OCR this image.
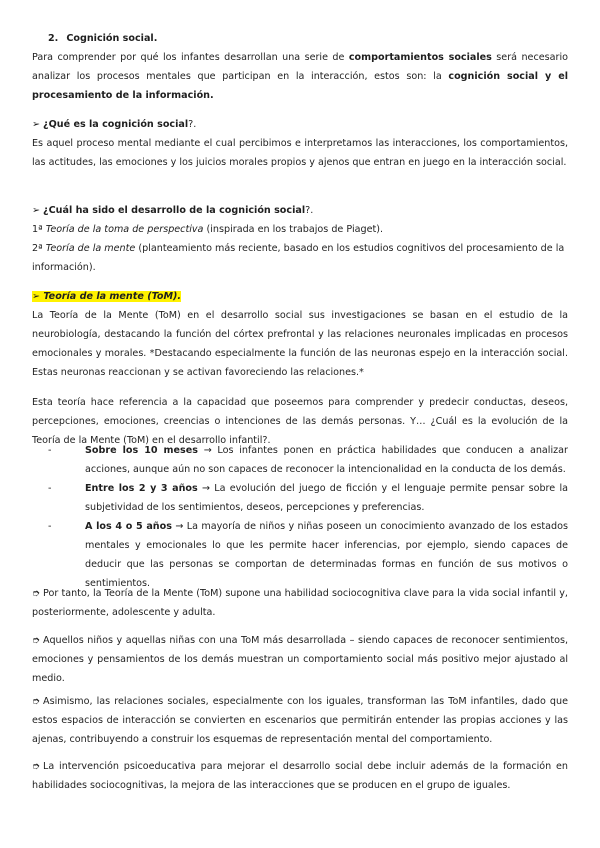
2. Cognición social.
Para comprender por qué los infantes desarrollan una serie de comportamientos sociales será necesario analizar los procesos mentales que participan en la interacción, estos son: la cognición social y el procesamiento de la información.
➢ ¿Qué es la cognición social?.
Es aquel proceso mental mediante el cual percibimos e interpretamos las interacciones, los comportamientos, las actitudes, las emociones y los juicios morales propios y ajenos que entran en juego en la interacción social.
➢ ¿Cuál ha sido el desarrollo de la cognición social?.
1ª Teoría de la toma de perspectiva (inspirada en los trabajos de Piaget).
2ª Teoría de la mente (planteamiento más reciente, basado en los estudios cognitivos del procesamiento de la información).
➢ Teoría de la mente (ToM).
La Teoría de la Mente (ToM) en el desarrollo social sus investigaciones se basan en el estudio de la neurobiología, destacando la función del córtex prefrontal y las relaciones neuronales implicadas en procesos emocionales y morales. *Destacando especialmente la función de las neuronas espejo en la interacción social. Estas neuronas reaccionan y se activan favoreciendo las relaciones.*
Esta teoría hace referencia a la capacidad que poseemos para comprender y predecir conductas, deseos, percepciones, emociones, creencias o intenciones de las demás personas. Y… ¿Cuál es la evolución de la Teoría de la Mente (ToM) en el desarrollo infantil?.
-	Sobre los 10 meses → Los infantes ponen en práctica habilidades que conducen a analizar acciones, aunque aún no son capaces de reconocer la intencionalidad en la conducta de los demás.
-	Entre los 2 y 3 años → La evolución del juego de ficción y el lenguaje permite pensar sobre la subjetividad de los sentimientos, deseos, percepciones y preferencias.
-	A los 4 o 5 años → La mayoría de niños y niñas poseen un conocimiento avanzado de los estados mentales y emocionales lo que les permite hacer inferencias, por ejemplo, siendo capaces de deducir que las personas se comportan de determinadas formas en función de sus motivos o sentimientos.
➮ Por tanto, la Teoría de la Mente (ToM) supone una habilidad sociocognitiva clave para la vida social infantil y, posteriormente, adolescente y adulta.
➮ Aquellos niños y aquellas niñas con una ToM más desarrollada – siendo capaces de reconocer sentimientos, emociones y pensamientos de los demás muestran un comportamiento social más positivo mejor ajustado al medio.
➮ Asimismo, las relaciones sociales, especialmente con los iguales, transforman las ToM infantiles, dado que estos espacios de interacción se convierten en escenarios que permitirán entender las propias acciones y las ajenas, contribuyendo a construir los esquemas de representación mental del comportamiento.
➮ La intervención psicoeducativa para mejorar el desarrollo social debe incluir además de la formación en habilidades sociocognitivas, la mejora de las interacciones que se producen en el grupo de iguales.
